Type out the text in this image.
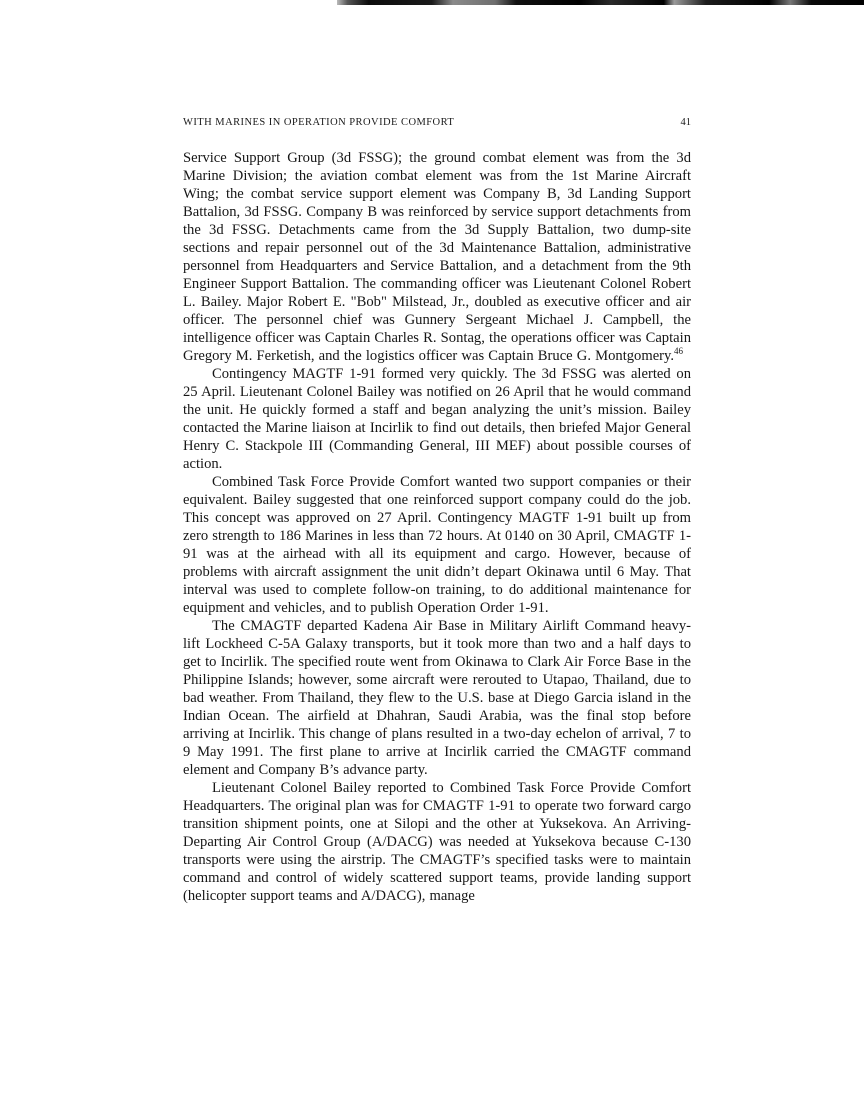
WITH MARINES IN OPERATION PROVIDE COMFORT	41

Service Support Group (3d FSSG); the ground combat element was from the 3d Marine Division; the aviation combat element was from the 1st Marine Aircraft Wing; the combat service support element was Company B, 3d Landing Support Battalion, 3d FSSG. Company B was reinforced by service support detachments from the 3d FSSG. Detachments came from the 3d Supply Battalion, two dump-site sections and repair personnel out of the 3d Maintenance Battalion, administrative personnel from Headquarters and Service Battalion, and a detachment from the 9th Engineer Support Battalion. The commanding officer was Lieutenant Colonel Robert L. Bailey. Major Robert E. "Bob" Milstead, Jr., doubled as executive officer and air officer. The personnel chief was Gunnery Sergeant Michael J. Campbell, the intelligence officer was Captain Charles R. Sontag, the operations officer was Captain Gregory M. Ferketish, and the logistics officer was Captain Bruce G. Montgomery.$^{46}$

Contingency MAGTF 1-91 formed very quickly. The 3d FSSG was alerted on 25 April. Lieutenant Colonel Bailey was notified on 26 April that he would command the unit. He quickly formed a staff and began analyzing the unit’s mission. Bailey contacted the Marine liaison at Incirlik to find out details, then briefed Major General Henry C. Stackpole III (Commanding General, III MEF) about possible courses of action.

Combined Task Force Provide Comfort wanted two support companies or their equivalent. Bailey suggested that one reinforced support company could do the job. This concept was approved on 27 April. Contingency MAGTF 1-91 built up from zero strength to 186 Marines in less than 72 hours. At 0140 on 30 April, CMAGTF 1-91 was at the airhead with all its equipment and cargo. However, because of problems with aircraft assignment the unit didn’t depart Okinawa until 6 May. That interval was used to complete follow-on training, to do additional maintenance for equipment and vehicles, and to publish Operation Order 1-91.

The CMAGTF departed Kadena Air Base in Military Airlift Command heavy-lift Lockheed C-5A Galaxy transports, but it took more than two and a half days to get to Incirlik. The specified route went from Okinawa to Clark Air Force Base in the Philippine Islands; however, some aircraft were rerouted to Utapao, Thailand, due to bad weather. From Thailand, they flew to the U.S. base at Diego Garcia island in the Indian Ocean. The airfield at Dhahran, Saudi Arabia, was the final stop before arriving at Incirlik. This change of plans resulted in a two-day echelon of arrival, 7 to 9 May 1991. The first plane to arrive at Incirlik carried the CMAGTF command element and Company B’s advance party.

Lieutenant Colonel Bailey reported to Combined Task Force Provide Comfort Headquarters. The original plan was for CMAGTF 1-91 to operate two forward cargo transition shipment points, one at Silopi and the other at Yuksekova. An Arriving-Departing Air Control Group (A/DACG) was needed at Yuksekova because C-130 transports were using the airstrip. The CMAGTF’s specified tasks were to maintain command and control of widely scattered support teams, provide landing support (helicopter support teams and A/DACG), manage
